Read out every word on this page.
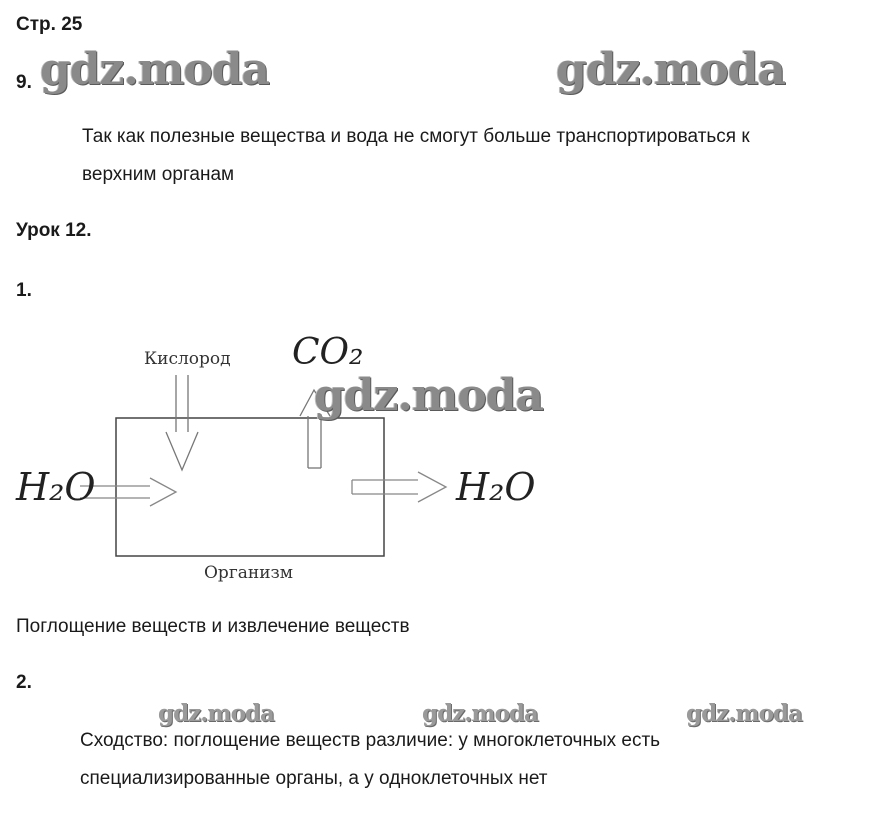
Стр. 25
9. gdz.moda	gdz.moda
Так как полезные вещества и вода не смогут больше транспортироваться к
верхним органам
Урок 12.
1.
Кислород CO₂
H₂O	H₂O
Организм
gdz.moda
Поглощение веществ и извлечение веществ
2.
gdz.moda	gdz.moda	gdz.moda
Сходство: поглощение веществ различие: у многоклеточных есть
специализированные органы, а у одноклеточных нет
